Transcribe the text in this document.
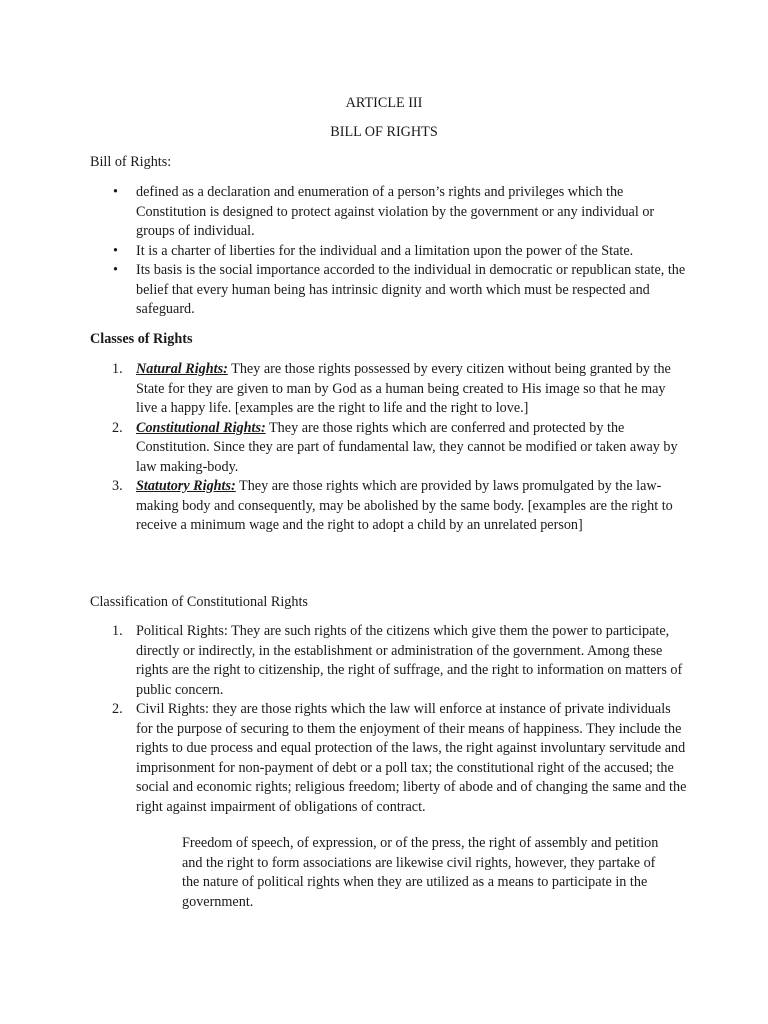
ARTICLE III
BILL OF RIGHTS
Bill of Rights:
• defined as a declaration and enumeration of a person’s rights and privileges which the Constitution is designed to protect against violation by the government or any individual or groups of individual.
• It is a charter of liberties for the individual and a limitation upon the power of the State.
• Its basis is the social importance accorded to the individual in democratic or republican state, the belief that every human being has intrinsic dignity and worth which must be respected and safeguard.
Classes of Rights
1. Natural Rights: They are those rights possessed by every citizen without being granted by the State for they are given to man by God as a human being created to His image so that he may live a happy life. [examples are the right to life and the right to love.]
2. Constitutional Rights: They are those rights which are conferred and protected by the Constitution. Since they are part of fundamental law, they cannot be modified or taken away by law making-body.
3. Statutory Rights: They are those rights which are provided by laws promulgated by the law-making body and consequently, may be abolished by the same body. [examples are the right to receive a minimum wage and the right to adopt a child by an unrelated person]
Classification of Constitutional Rights
1. Political Rights: They are such rights of the citizens which give them the power to participate, directly or indirectly, in the establishment or administration of the government. Among these rights are the right to citizenship, the right of suffrage, and the right to information on matters of public concern.
2. Civil Rights: they are those rights which the law will enforce at instance of private individuals for the purpose of securing to them the enjoyment of their means of happiness. They include the rights to due process and equal protection of the laws, the right against involuntary servitude and imprisonment for non-payment of debt or a poll tax; the constitutional right of the accused; the social and economic rights; religious freedom; liberty of abode and of changing the same and the right against impairment of obligations of contract.
Freedom of speech, of expression, or of the press, the right of assembly and petition and the right to form associations are likewise civil rights, however, they partake of the nature of political rights when they are utilized as a means to participate in the government.
